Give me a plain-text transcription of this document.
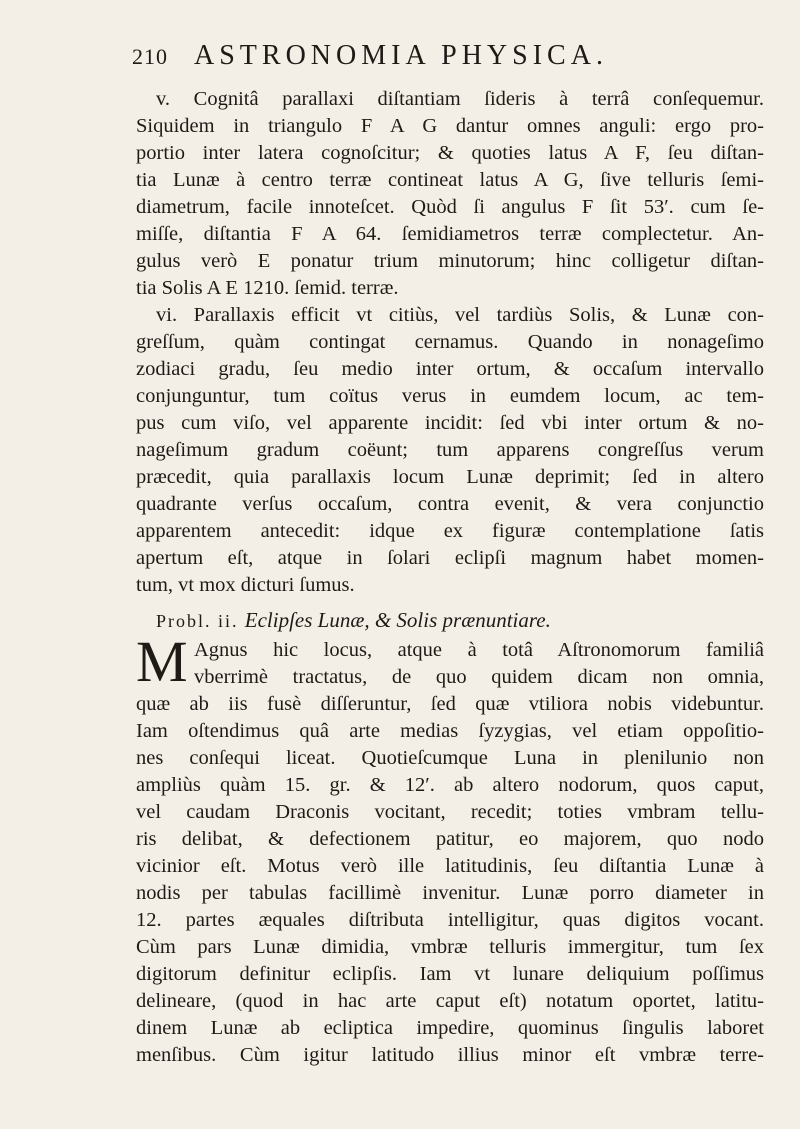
210 ASTRONOMIA PHYSICA.
v. Cognitâ parallaxi diſtantiam ſideris à terrâ conſequemur.
Siquidem in triangulo F A G dantur omnes anguli: ergo pro-
portio inter latera cognoſcitur; & quoties latus A F, ſeu diſtan-
tia Lunæ à centro terræ contineat latus A G, ſive telluris ſemi-
diametrum, facile innoteſcet. Quòd ſi angulus F ſit 53′. cum ſe-
miſſe, diſtantia F A 64. ſemidiametros terræ complectetur. An-
gulus verò E ponatur trium minutorum; hinc colligetur diſtan-
tia Solis A E 1210. ſemid. terræ.
vi. Parallaxis efficit vt citiùs, vel tardiùs Solis, & Lunæ con-
greſſum, quàm contingat cernamus. Quando in nonageſimo
zodiaci gradu, ſeu medio inter ortum, & occaſum intervallo
conjunguntur, tum coïtus verus in eumdem locum, ac tem-
pus cum viſo, vel apparente incidit: ſed vbi inter ortum & no-
nageſimum gradum coëunt; tum apparens congreſſus verum
præcedit, quia parallaxis locum Lunæ deprimit; ſed in altero
quadrante verſus occaſum, contra evenit, & vera conjunctio
apparentem antecedit: idque ex figuræ contemplatione ſatis
apertum eſt, atque in ſolari eclipſi magnum habet momen-
tum, vt mox dicturi ſumus.
Probl. ii. Eclipſes Lunæ, & Solis prænuntiare.
M Agnus hic locus, atque à totâ Aſtronomorum familiâ
vberrimè tractatus, de quo quidem dicam non omnia,
quæ ab iis fusè diſſeruntur, ſed quæ vtiliora nobis videbuntur.
Iam oſtendimus quâ arte medias ſyzygias, vel etiam oppoſitio-
nes conſequi liceat. Quotieſcumque Luna in plenilunio non
ampliùs quàm 15. gr. & 12′. ab altero nodorum, quos caput,
vel caudam Draconis vocitant, recedit; toties vmbram tellu-
ris delibat, & defectionem patitur, eo majorem, quo nodo
vicinior eſt. Motus verò ille latitudinis, ſeu diſtantia Lunæ à
nodis per tabulas facillimè invenitur. Lunæ porro diameter in
12. partes æquales diſtributa intelligitur, quas digitos vocant.
Cùm pars Lunæ dimidia, vmbræ telluris immergitur, tum ſex
digitorum definitur eclipſis. Iam vt lunare deliquium poſſimus
delineare, (quod in hac arte caput eſt) notatum oportet, latitu-
dinem Lunæ ab ecliptica impedire, quominus ſingulis laboret
menſibus. Cùm igitur latitudo illius minor eſt vmbræ terre-
